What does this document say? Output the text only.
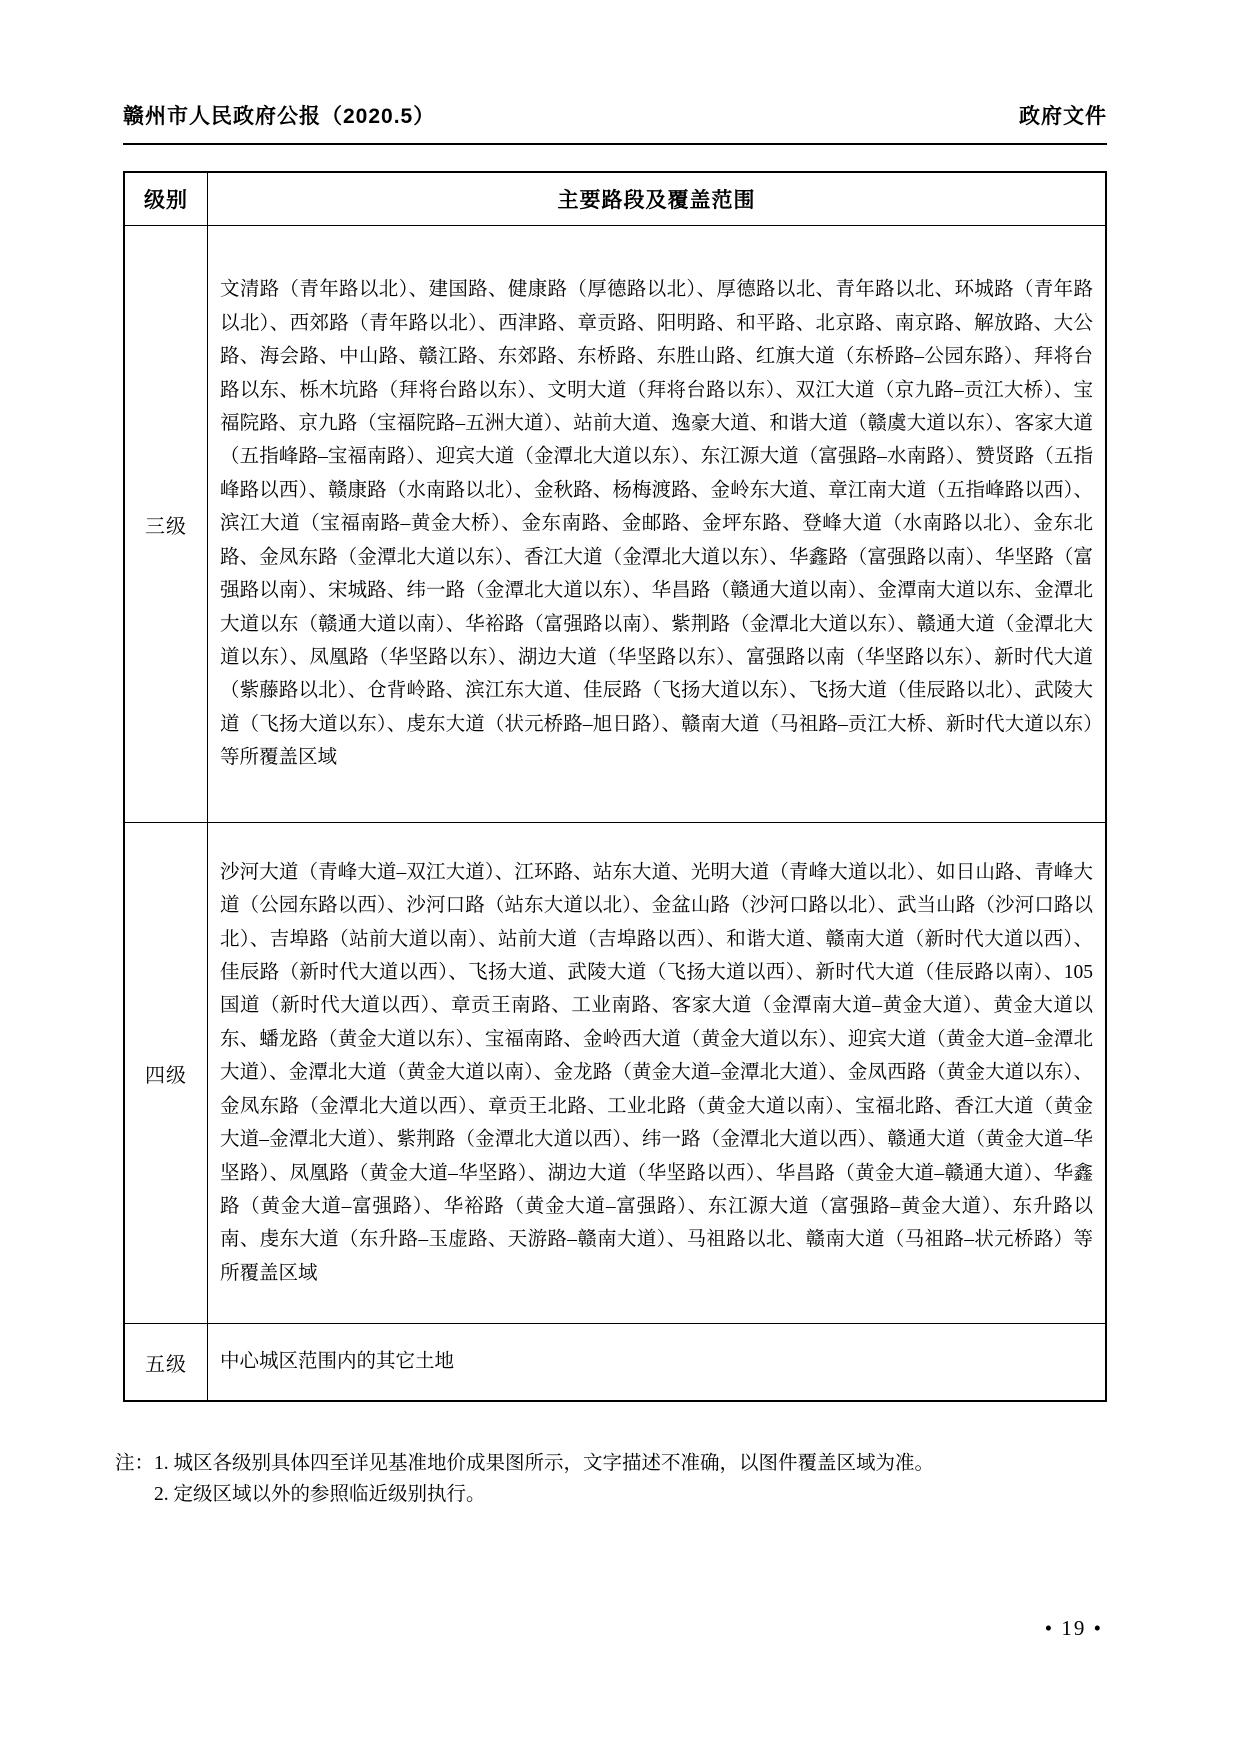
赣州市人民政府公报（2020.5）	政府文件
级别	主要路段及覆盖范围
三级	文清路（青年路以北）、建国路、健康路（厚德路以北）、厚德路以北、青年路以北、环城路（青年路以北）、西郊路（青年路以北）、西津路、章贡路、阳明路、和平路、北京路、南京路、解放路、大公路、海会路、中山路、赣江路、东郊路、东桥路、东胜山路、红旗大道（东桥路–公园东路）、拜将台路以东、栎木坑路（拜将台路以东）、文明大道（拜将台路以东）、双江大道（京九路–贡江大桥）、宝福院路、京九路（宝福院路–五洲大道）、站前大道、逸豪大道、和谐大道（赣虞大道以东）、客家大道（五指峰路–宝福南路）、迎宾大道（金潭北大道以东）、东江源大道（富强路–水南路）、赞贤路（五指峰路以西）、赣康路（水南路以北）、金秋路、杨梅渡路、金岭东大道、章江南大道（五指峰路以西）、滨江大道（宝福南路–黄金大桥）、金东南路、金邮路、金坪东路、登峰大道（水南路以北）、金东北路、金凤东路（金潭北大道以东）、香江大道（金潭北大道以东）、华鑫路（富强路以南）、华坚路（富强路以南）、宋城路、纬一路（金潭北大道以东）、华昌路（赣通大道以南）、金潭南大道以东、金潭北大道以东（赣通大道以南）、华裕路（富强路以南）、紫荆路（金潭北大道以东）、赣通大道（金潭北大道以东）、凤凰路（华坚路以东）、湖边大道（华坚路以东）、富强路以南（华坚路以东）、新时代大道（紫藤路以北）、仓背岭路、滨江东大道、佳辰路（飞扬大道以东）、飞扬大道（佳辰路以北）、武陵大道（飞扬大道以东）、虔东大道（状元桥路–旭日路）、赣南大道（马祖路–贡江大桥、新时代大道以东）等所覆盖区域
四级	沙河大道（青峰大道–双江大道）、江环路、站东大道、光明大道（青峰大道以北）、如日山路、青峰大道（公园东路以西）、沙河口路（站东大道以北）、金盆山路（沙河口路以北）、武当山路（沙河口路以北）、吉埠路（站前大道以南）、站前大道（吉埠路以西）、和谐大道、赣南大道（新时代大道以西）、佳辰路（新时代大道以西）、飞扬大道、武陵大道（飞扬大道以西）、新时代大道（佳辰路以南）、105国道（新时代大道以西）、章贡王南路、工业南路、客家大道（金潭南大道–黄金大道）、黄金大道以东、蟠龙路（黄金大道以东）、宝福南路、金岭西大道（黄金大道以东）、迎宾大道（黄金大道–金潭北大道）、金潭北大道（黄金大道以南）、金龙路（黄金大道–金潭北大道）、金凤西路（黄金大道以东）、金凤东路（金潭北大道以西）、章贡王北路、工业北路（黄金大道以南）、宝福北路、香江大道（黄金大道–金潭北大道）、紫荆路（金潭北大道以西）、纬一路（金潭北大道以西）、赣通大道（黄金大道–华坚路）、凤凰路（黄金大道–华坚路）、湖边大道（华坚路以西）、华昌路（黄金大道–赣通大道）、华鑫路（黄金大道–富强路）、华裕路（黄金大道–富强路）、东江源大道（富强路–黄金大道）、东升路以南、虔东大道（东升路–玉虚路、天游路–赣南大道）、马祖路以北、赣南大道（马祖路–状元桥路）等所覆盖区域
五级	中心城区范围内的其它土地
注： 1. 城区各级别具体四至详见基准地价成果图所示，文字描述不准确，以图件覆盖区域为准。
2. 定级区域以外的参照临近级别执行。
• 19 •
